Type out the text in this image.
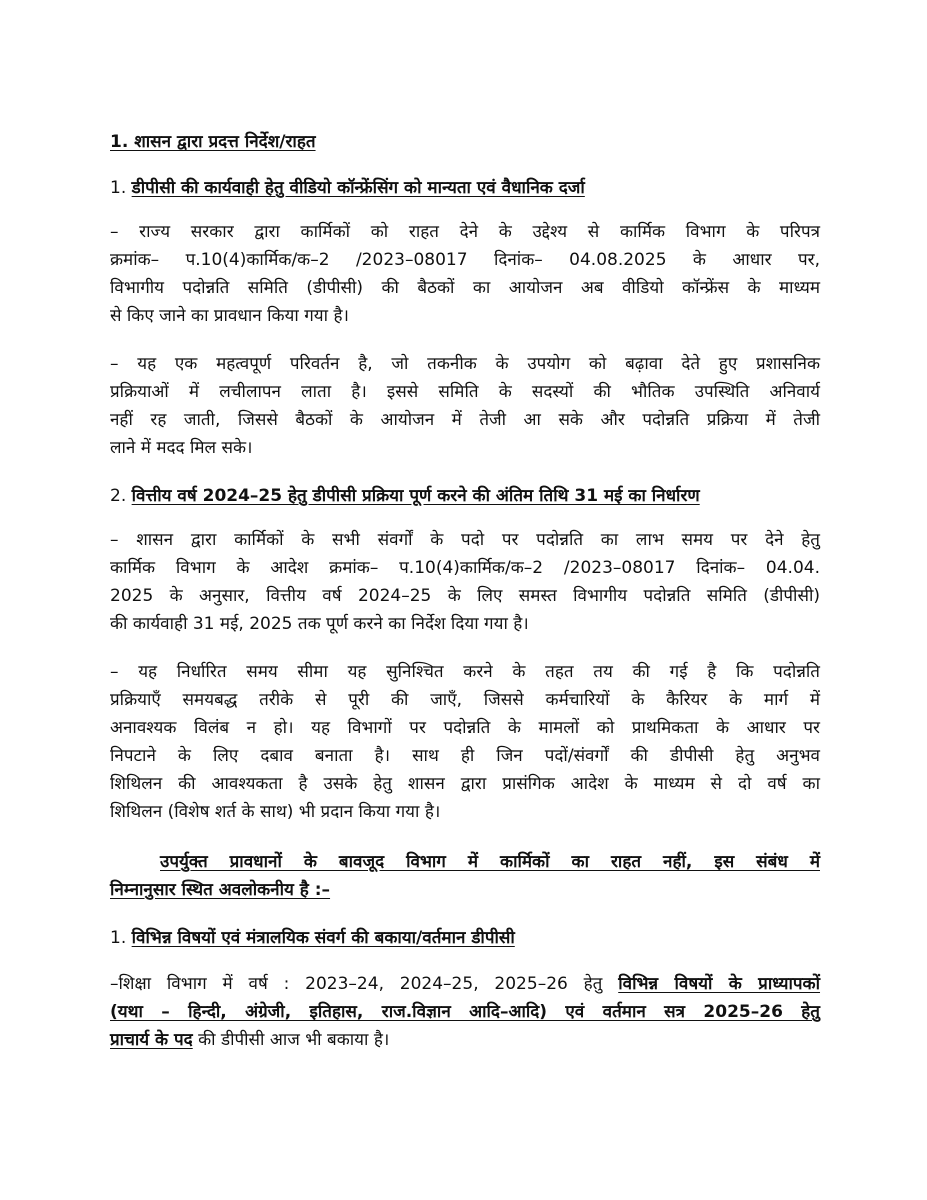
1. शासन द्वारा प्रदत्त निर्देश/राहत
1. डीपीसी की कार्यवाही हेतु वीडियो कॉन्फ्रेंसिंग को मान्यता एवं वैधानिक दर्जा
– राज्य सरकार द्वारा कार्मिकों को राहत देने के उद्देश्य से कार्मिक विभाग के परिपत्र
क्रमांक– प.10(4)कार्मिक/क–2 /2023–08017 दिनांक– 04.08.2025 के आधार पर,
विभागीय पदोन्नति समिति (डीपीसी) की बैठकों का आयोजन अब वीडियो कॉन्फ्रेंस के माध्यम
से किए जाने का प्रावधान किया गया है।
– यह एक महत्वपूर्ण परिवर्तन है, जो तकनीक के उपयोग को बढ़ावा देते हुए प्रशासनिक
प्रक्रियाओं में लचीलापन लाता है। इससे समिति के सदस्यों की भौतिक उपस्थिति अनिवार्य
नहीं रह जाती, जिससे बैठकों के आयोजन में तेजी आ सके और पदोन्नति प्रक्रिया में तेजी
लाने में मदद मिल सके।
2. वित्तीय वर्ष 2024–25 हेतु डीपीसी प्रक्रिया पूर्ण करने की अंतिम तिथि 31 मई का निर्धारण
– शासन द्वारा कार्मिकों के सभी संवर्गों के पदो पर पदोन्नति का लाभ समय पर देने हेतु
कार्मिक विभाग के आदेश क्रमांक– प.10(4)कार्मिक/क–2 /2023–08017 दिनांक– 04.04.
2025 के अनुसार, वित्तीय वर्ष 2024–25 के लिए समस्त विभागीय पदोन्नति समिति (डीपीसी)
की कार्यवाही 31 मई, 2025 तक पूर्ण करने का निर्देश दिया गया है।
– यह निर्धारित समय सीमा यह सुनिश्चित करने के तहत तय की गई है कि पदोन्नति
प्रक्रियाएँ समयबद्ध तरीके से पूरी की जाएँ, जिससे कर्मचारियों के कैरियर के मार्ग में
अनावश्यक विलंब न हो। यह विभागों पर पदोन्नति के मामलों को प्राथमिकता के आधार पर
निपटाने के लिए दबाव बनाता है। साथ ही जिन पदों/संवर्गों की डीपीसी हेतु अनुभव
शिथिलन की आवश्यकता है उसके हेतु शासन द्वारा प्रासंगिक आदेश के माध्यम से दो वर्ष का
शिथिलन (विशेष शर्त के साथ) भी प्रदान किया गया है।
उपर्युक्त प्रावधानों के बावजूद विभाग में कार्मिकों का राहत नहीं, इस संबंध में
निम्नानुसार स्थित अवलोकनीय है :–
1. विभिन्न विषयों एवं मंत्रालयिक संवर्ग की बकाया/वर्तमान डीपीसी
–शिक्षा विभाग में वर्ष : 2023–24, 2024–25, 2025–26 हेतु विभिन्न विषयों के प्राध्यापकों
(यथा – हिन्दी, अंग्रेजी, इतिहास, राज.विज्ञान आदि–आदि) एवं वर्तमान सत्र 2025–26 हेतु
प्राचार्य के पद की डीपीसी आज भी बकाया है।
